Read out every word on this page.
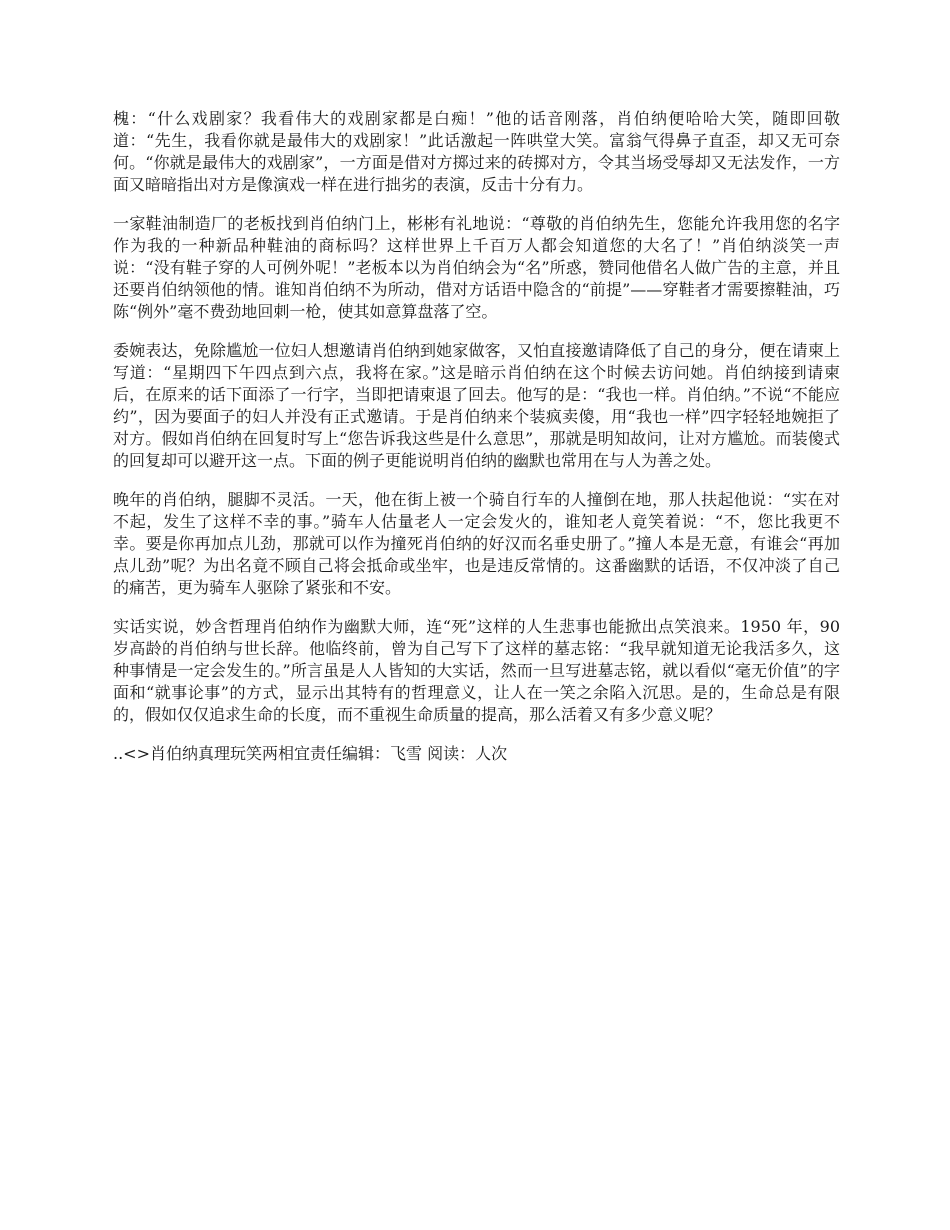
槐：“什么戏剧家？我看伟大的戏剧家都是白痴！”他的话音刚落，肖伯纳便哈哈大笑，随即回敬道：“先生，我看你就是最伟大的戏剧家！”此话激起一阵哄堂大笑。富翁气得鼻子直歪，却又无可奈何。“你就是最伟大的戏剧家”，一方面是借对方掷过来的砖掷对方，令其当场受辱却又无法发作，一方面又暗暗指出对方是像演戏一样在进行拙劣的表演，反击十分有力。

一家鞋油制造厂的老板找到肖伯纳门上，彬彬有礼地说：“尊敬的肖伯纳先生，您能允许我用您的名字作为我的一种新品种鞋油的商标吗？这样世界上千百万人都会知道您的大名了！”肖伯纳淡笑一声说：“没有鞋子穿的人可例外呢！”老板本以为肖伯纳会为“名”所惑，赞同他借名人做广告的主意，并且还要肖伯纳领他的情。谁知肖伯纳不为所动，借对方话语中隐含的“前提”——穿鞋者才需要擦鞋油，巧陈“例外”毫不费劲地回刺一枪，使其如意算盘落了空。

委婉表达，免除尴尬一位妇人想邀请肖伯纳到她家做客，又怕直接邀请降低了自己的身分，便在请柬上写道：“星期四下午四点到六点，我将在家。”这是暗示肖伯纳在这个时候去访问她。肖伯纳接到请柬后，在原来的话下面添了一行字，当即把请柬退了回去。他写的是：“我也一样。肖伯纳。”不说“不能应约”，因为要面子的妇人并没有正式邀请。于是肖伯纳来个装疯卖傻，用“我也一样”四字轻轻地婉拒了对方。假如肖伯纳在回复时写上“您告诉我这些是什么意思”，那就是明知故问，让对方尴尬。而装傻式的回复却可以避开这一点。下面的例子更能说明肖伯纳的幽默也常用在与人为善之处。

晚年的肖伯纳，腿脚不灵活。一天，他在街上被一个骑自行车的人撞倒在地，那人扶起他说：“实在对不起，发生了这样不幸的事。”骑车人估量老人一定会发火的，谁知老人竟笑着说：“不，您比我更不幸。要是你再加点儿劲，那就可以作为撞死肖伯纳的好汉而名垂史册了。”撞人本是无意，有谁会“再加点儿劲”呢？为出名竟不顾自己将会抵命或坐牢，也是违反常情的。这番幽默的话语，不仅冲淡了自己的痛苦，更为骑车人驱除了紧张和不安。

实话实说，妙含哲理肖伯纳作为幽默大师，连“死”这样的人生悲事也能掀出点笑浪来。1950 年，90 岁高龄的肖伯纳与世长辞。他临终前，曾为自己写下了这样的墓志铭：“我早就知道无论我活多久，这种事情是一定会发生的。”所言虽是人人皆知的大实话，然而一旦写进墓志铭，就以看似“毫无价值”的字面和“就事论事”的方式，显示出其特有的哲理意义，让人在一笑之余陷入沉思。是的，生命总是有限的，假如仅仅追求生命的长度，而不重视生命质量的提高，那么活着又有多少意义呢？

..<>肖伯纳真理玩笑两相宜责任编辑：飞雪 阅读：人次
